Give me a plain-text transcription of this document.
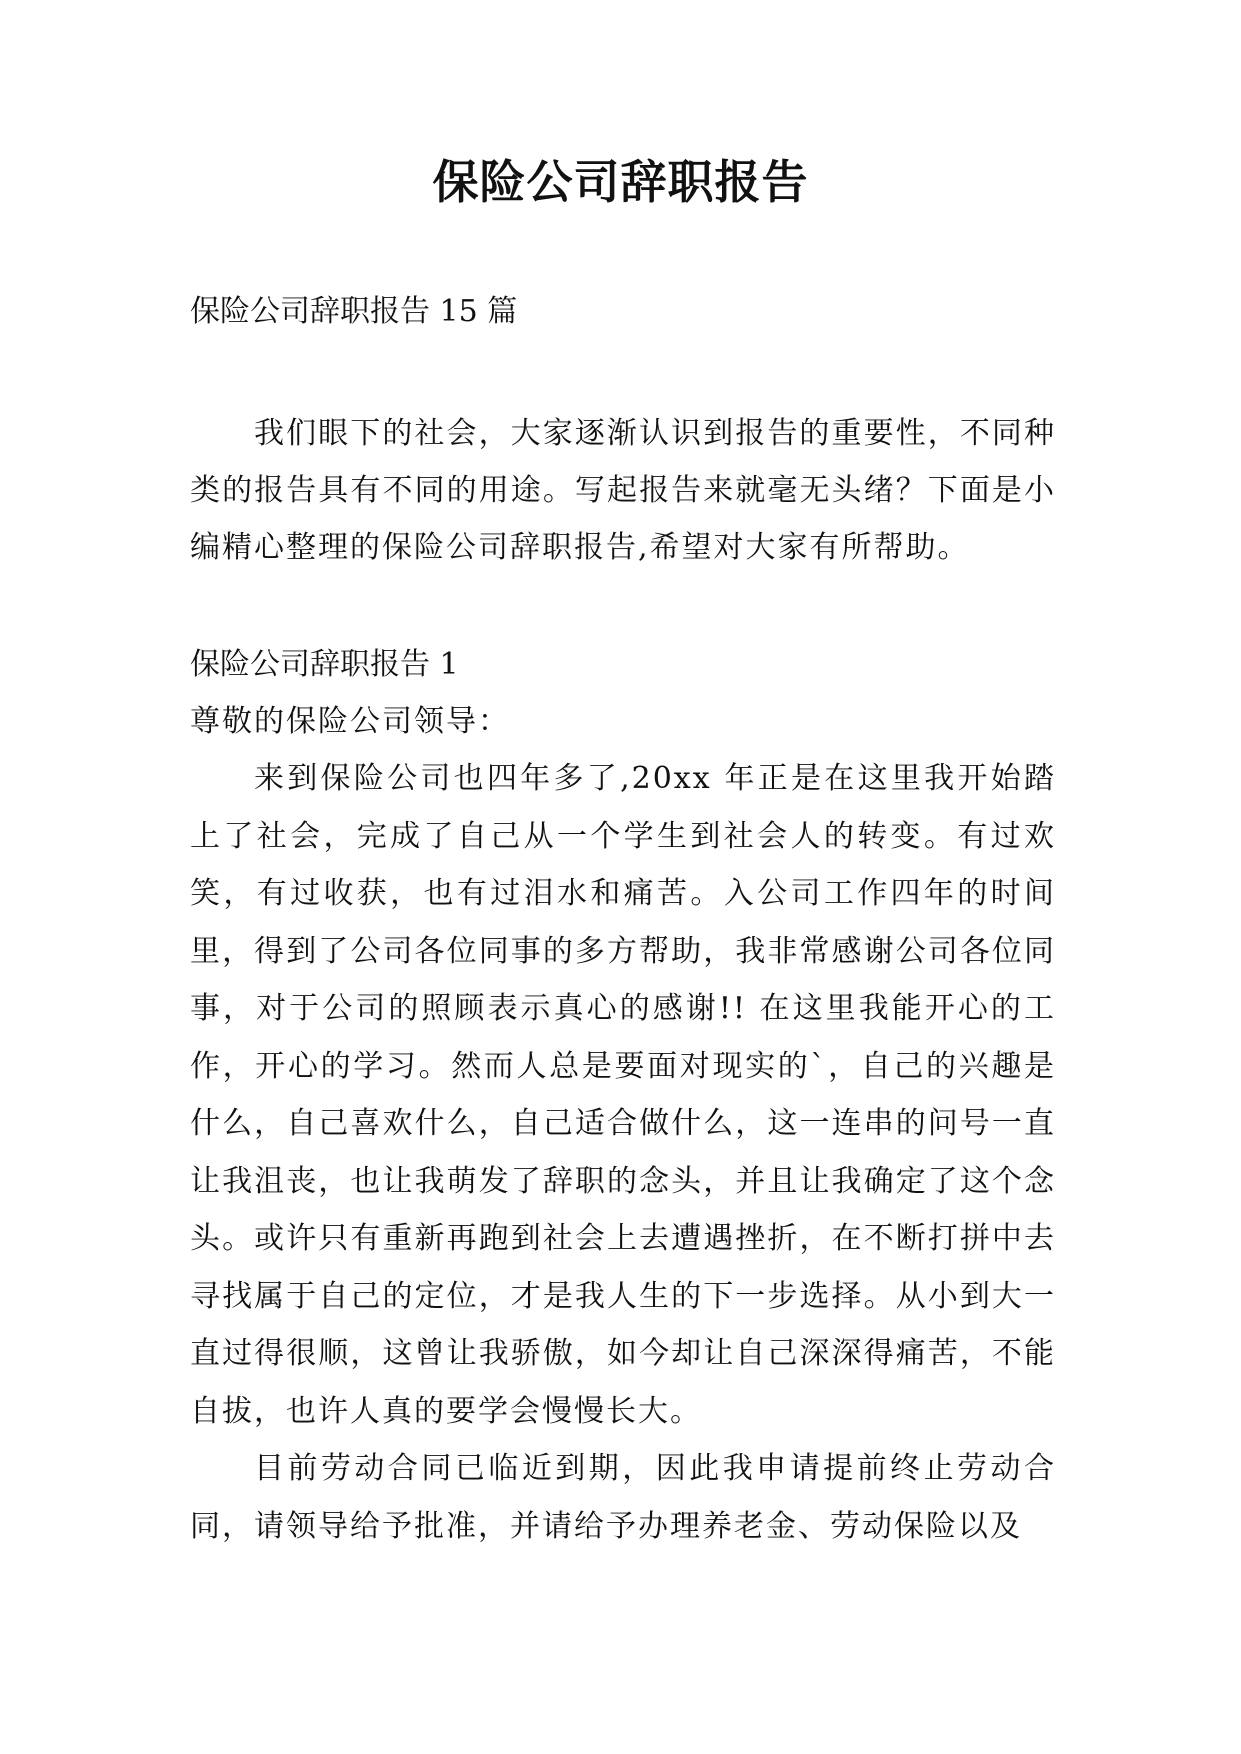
保险公司辞职报告
保险公司辞职报告 15 篇
我们眼下的社会，大家逐渐认识到报告的重要性，不同种类的报告具有不同的用途。写起报告来就毫无头绪？下面是小编精心整理的保险公司辞职报告,希望对大家有所帮助。
保险公司辞职报告 1
尊敬的保险公司领导：

来到保险公司也四年多了,20xx 年正是在这里我开始踏上了社会，完成了自己从一个学生到社会人的转变。有过欢笑，有过收获，也有过泪水和痛苦。入公司工作四年的时间里，得到了公司各位同事的多方帮助，我非常感谢公司各位同事，对于公司的照顾表示真心的感谢!! 在这里我能开心的工作，开心的学习。然而人总是要面对现实的`，自己的兴趣是什么，自己喜欢什么，自己适合做什么，这一连串的问号一直让我沮丧，也让我萌发了辞职的念头，并且让我确定了这个念头。或许只有重新再跑到社会上去遭遇挫折，在不断打拼中去寻找属于自己的定位，才是我人生的下一步选择。从小到大一直过得很顺，这曾让我骄傲，如今却让自己深深得痛苦，不能自拔，也许人真的要学会慢慢长大。

目前劳动合同已临近到期，因此我申请提前终止劳动合同，请领导给予批准，并请给予办理养老金、劳动保险以及
